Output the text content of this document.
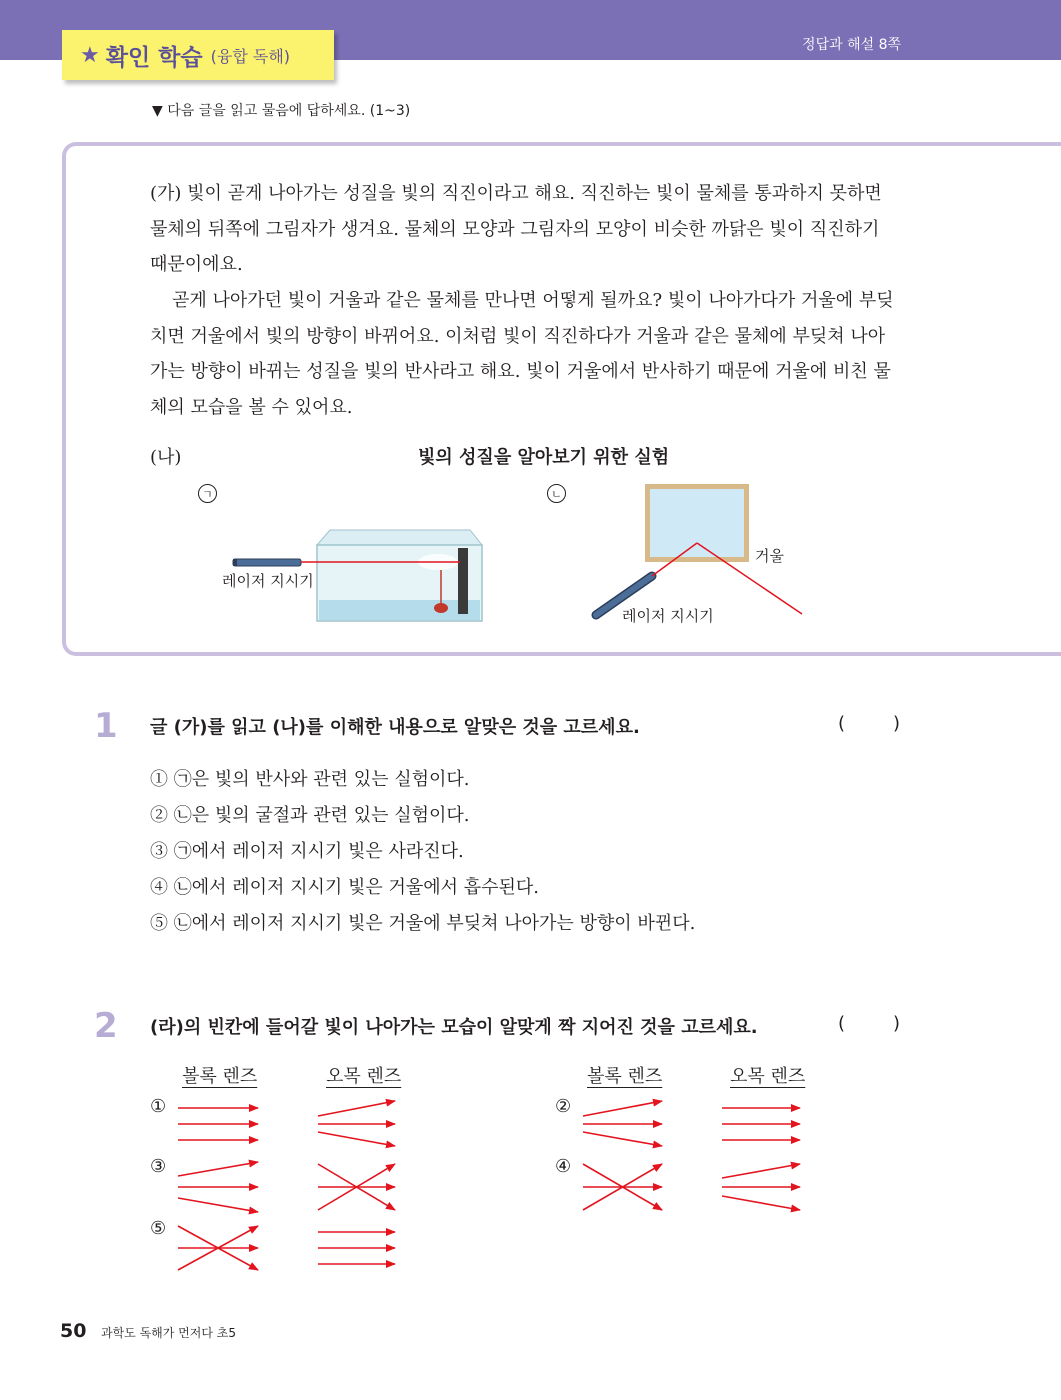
정답과 해설 8쪽
★ 확인 학습 (융합 독해)
▼ 다음 글을 읽고 물음에 답하세요. (1~3)
(가) 빛이 곧게 나아가는 성질을 빛의 직진이라고 해요. 직진하는 빛이 물체를 통과하지 못하면 물체의 뒤쪽에 그림자가 생겨요. 물체의 모양과 그림자의 모양이 비슷한 까닭은 빛이 직진하기 때문이에요.
곧게 나아가던 빛이 거울과 같은 물체를 만나면 어떻게 될까요? 빛이 나아가다가 거울에 부딪치면 거울에서 빛의 방향이 바뀌어요. 이처럼 빛이 직진하다가 거울과 같은 물체에 부딪쳐 나아가는 방향이 바뀌는 성질을 빛의 반사라고 해요. 빛이 거울에서 반사하기 때문에 거울에 비친 물체의 모습을 볼 수 있어요.
(나)	빛의 성질을 알아보기 위한 실험
ㄱ	ㄴ
레이저 지시기
레이저 지시기
거울
1 글 (가)를 읽고 (나)를 이해한 내용으로 알맞은 것을 고르세요.	(	)
① ㉠은 빛의 반사와 관련 있는 실험이다.
② ㉡은 빛의 굴절과 관련 있는 실험이다.
③ ㉠에서 레이저 지시기 빛은 사라진다.
④ ㉡에서 레이저 지시기 빛은 거울에서 흡수된다.
⑤ ㉡에서 레이저 지시기 빛은 거울에 부딪쳐 나아가는 방향이 바뀐다.
2 (라)의 빈칸에 들어갈 빛이 나아가는 모습이 알맞게 짝 지어진 것을 고르세요.	(	)
볼록 렌즈	오목 렌즈	볼록 렌즈	오목 렌즈
①	②
③	④
⑤
50 과학도 독해가 먼저다 초5
